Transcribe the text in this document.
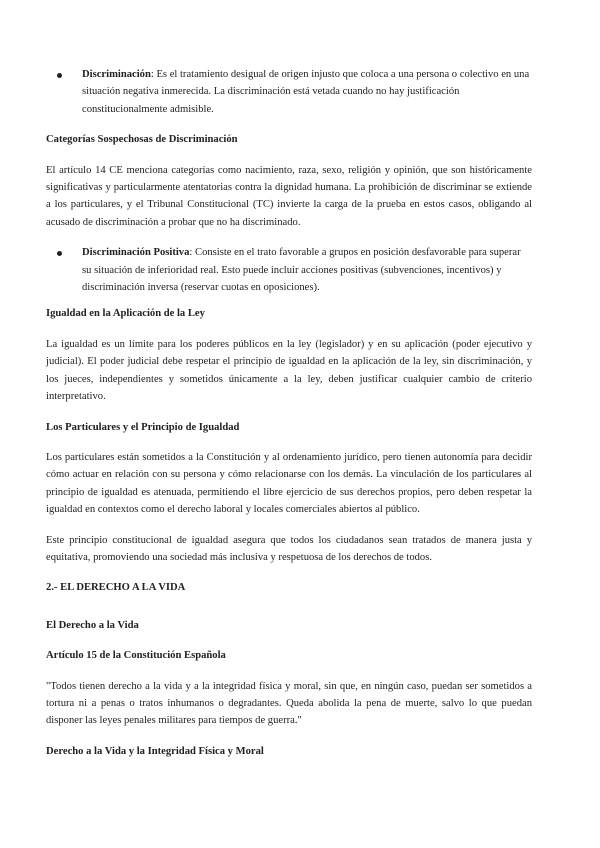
Discriminación: Es el tratamiento desigual de origen injusto que coloca a una persona o colectivo en una situación negativa inmerecida. La discriminación está vetada cuando no hay justificación constitucionalmente admisible.
Categorías Sospechosas de Discriminación

El artículo 14 CE menciona categorías como nacimiento, raza, sexo, religión y opinión, que son históricamente significativas y particularmente atentatorias contra la dignidad humana. La prohibición de discriminar se extiende a los particulares, y el Tribunal Constitucional (TC) invierte la carga de la prueba en estos casos, obligando al acusado de discriminación a probar que no ha discriminado.

Discriminación Positiva: Consiste en el trato favorable a grupos en posición desfavorable para superar su situación de inferioridad real. Esto puede incluir acciones positivas (subvenciones, incentivos) y discriminación inversa (reservar cuotas en oposiciones).
Igualdad en la Aplicación de la Ley

La igualdad es un límite para los poderes públicos en la ley (legislador) y en su aplicación (poder ejecutivo y judicial). El poder judicial debe respetar el principio de igualdad en la aplicación de la ley, sin discriminación, y los jueces, independientes y sometidos únicamente a la ley, deben justificar cualquier cambio de criterio interpretativo.

Los Particulares y el Principio de Igualdad

Los particulares están sometidos a la Constitución y al ordenamiento jurídico, pero tienen autonomía para decidir cómo actuar en relación con su persona y cómo relacionarse con los demás. La vinculación de los particulares al principio de igualdad es atenuada, permitiendo el libre ejercicio de sus derechos propios, pero deben respetar la igualdad en contextos como el derecho laboral y locales comerciales abiertos al público.

Este principio constitucional de igualdad asegura que todos los ciudadanos sean tratados de manera justa y equitativa, promoviendo una sociedad más inclusiva y respetuosa de los derechos de todos.

2.- EL DERECHO A LA VIDA
El Derecho a la Vida
Artículo 15 de la Constitución Española

"Todos tienen derecho a la vida y a la integridad física y moral, sin que, en ningún caso, puedan ser sometidos a tortura ni a penas o tratos inhumanos o degradantes. Queda abolida la pena de muerte, salvo lo que puedan disponer las leyes penales militares para tiempos de guerra."

Derecho a la Vida y la Integridad Física y Moral
